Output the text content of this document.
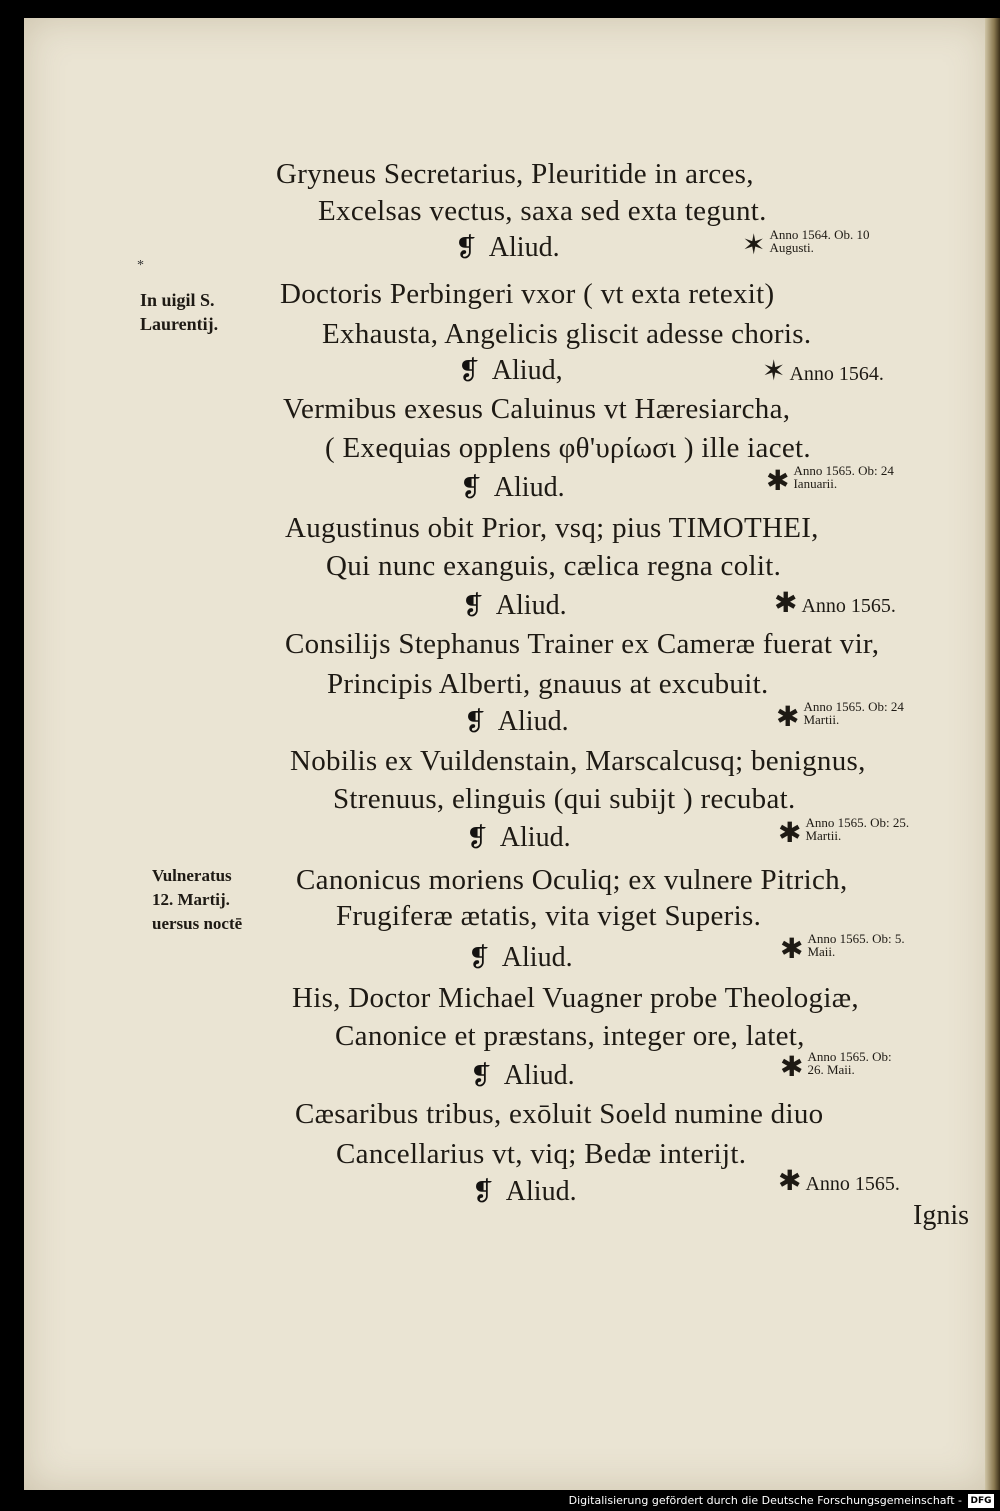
*
In uigil S.
Laurentij.
Vulneratus
12. Martij.
uersus noctē
Gryneus Secretarius, Pleuritide in arces,
Excelsas vectus, saxa sed exta tegunt.
Doctoris Perbingeri vxor ( vt exta retexit)
Exhausta, Angelicis gliscit adesse choris.
Vermibus exesus Caluinus vt Hæresiarcha,
( Exequias opplens φθ'υρίωσι ) ille iacet.
Augustinus obit Prior, vsq; pius TIMOTHEI,
Qui nunc exanguis, cælica regna colit.
Consilijs Stephanus Trainer ex Cameræ fuerat vir,
Principis Alberti, gnauus at excubuit.
Nobilis ex Vuildenstain, Marscalcusq; benignus,
Strenuus, elinguis (qui subijt ) recubat.
Canonicus moriens Oculiq; ex vulnere Pitrich,
Frugiferæ ætatis, vita viget Superis.
His, Doctor Michael Vuagner probe Theologiæ,
Canonice et præstans, integer ore, latet,
Cæsaribus tribus, exōluit Soeld numine diuo
Cancellarius vt, viq; Bedæ interijt.
❡ Aliud.
❡ Aliud,
❡ Aliud.
❡ Aliud.
❡ Aliud.
❡ Aliud.
❡ Aliud.
❡ Aliud.
❡ Aliud.
✶ Anno 1564. Ob. 10
Augusti.
✶ Anno 1564.
✱ Anno 1565. Ob: 24
Ianuarii.
✱ Anno 1565.
✱ Anno 1565. Ob: 24
Martii.
✱ Anno 1565. Ob: 25.
Martii.
✱ Anno 1565. Ob: 5.
Maii.
✱ Anno 1565. Ob:
26. Maii.
✱ Anno 1565.
Ignis
Digitalisierung gefördert durch die Deutsche Forschungsgemeinschaft - DFG
